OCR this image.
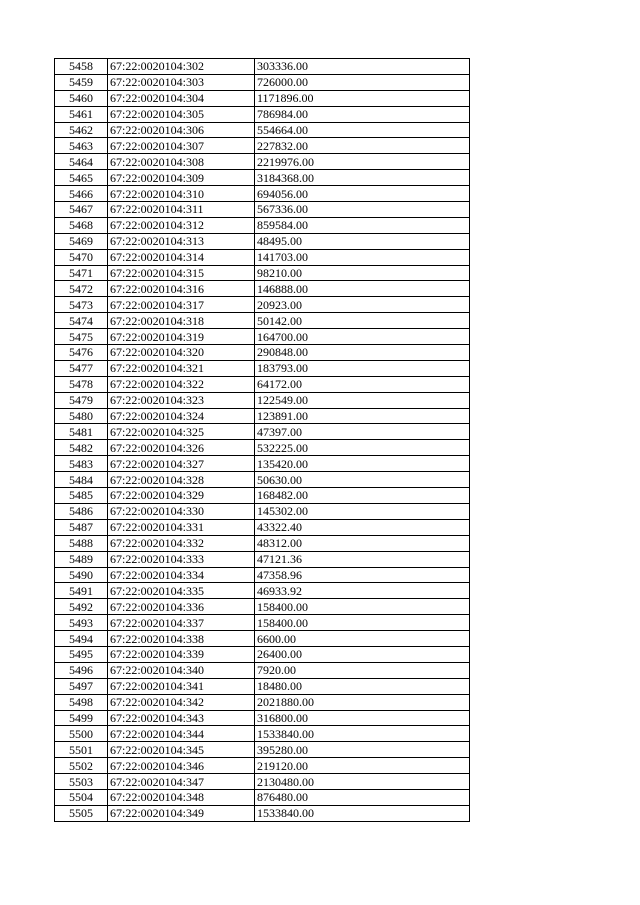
5458	67:22:0020104:302	303336.00
5459	67:22:0020104:303	726000.00
5460	67:22:0020104:304	1171896.00
5461	67:22:0020104:305	786984.00
5462	67:22:0020104:306	554664.00
5463	67:22:0020104:307	227832.00
5464	67:22:0020104:308	2219976.00
5465	67:22:0020104:309	3184368.00
5466	67:22:0020104:310	694056.00
5467	67:22:0020104:311	567336.00
5468	67:22:0020104:312	859584.00
5469	67:22:0020104:313	48495.00
5470	67:22:0020104:314	141703.00
5471	67:22:0020104:315	98210.00
5472	67:22:0020104:316	146888.00
5473	67:22:0020104:317	20923.00
5474	67:22:0020104:318	50142.00
5475	67:22:0020104:319	164700.00
5476	67:22:0020104:320	290848.00
5477	67:22:0020104:321	183793.00
5478	67:22:0020104:322	64172.00
5479	67:22:0020104:323	122549.00
5480	67:22:0020104:324	123891.00
5481	67:22:0020104:325	47397.00
5482	67:22:0020104:326	532225.00
5483	67:22:0020104:327	135420.00
5484	67:22:0020104:328	50630.00
5485	67:22:0020104:329	168482.00
5486	67:22:0020104:330	145302.00
5487	67:22:0020104:331	43322.40
5488	67:22:0020104:332	48312.00
5489	67:22:0020104:333	47121.36
5490	67:22:0020104:334	47358.96
5491	67:22:0020104:335	46933.92
5492	67:22:0020104:336	158400.00
5493	67:22:0020104:337	158400.00
5494	67:22:0020104:338	6600.00
5495	67:22:0020104:339	26400.00
5496	67:22:0020104:340	7920.00
5497	67:22:0020104:341	18480.00
5498	67:22:0020104:342	2021880.00
5499	67:22:0020104:343	316800.00
5500	67:22:0020104:344	1533840.00
5501	67:22:0020104:345	395280.00
5502	67:22:0020104:346	219120.00
5503	67:22:0020104:347	2130480.00
5504	67:22:0020104:348	876480.00
5505	67:22:0020104:349	1533840.00
